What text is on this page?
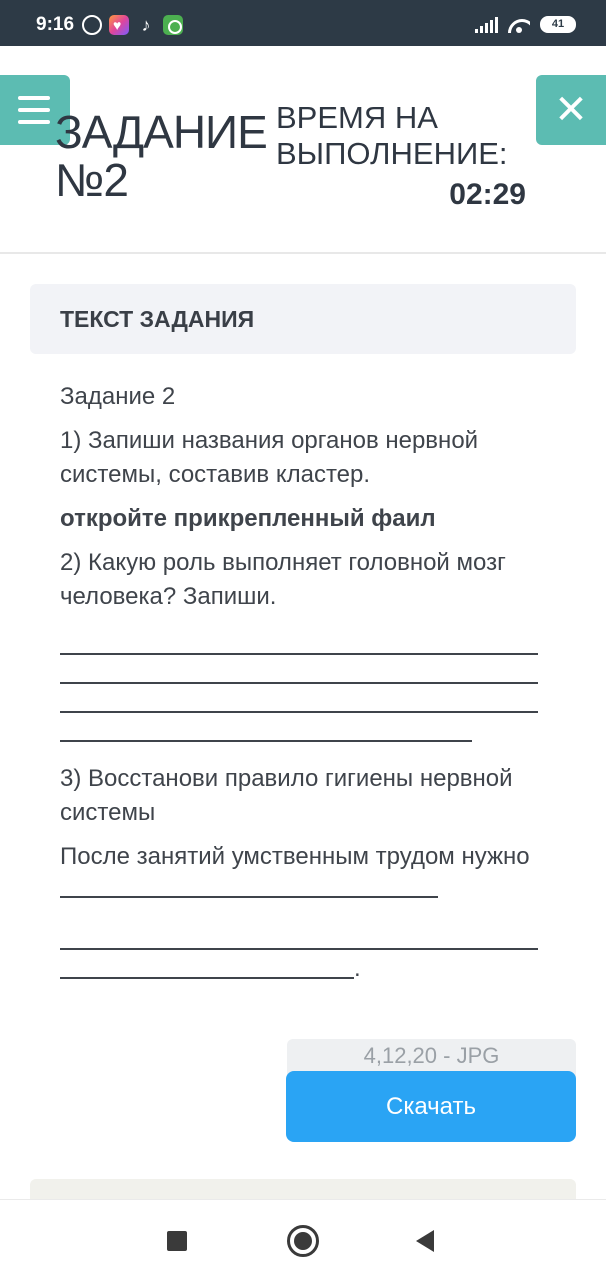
9:16
♥	♪	41
ЗАДАНИЕ
№2
ВРЕМЯ НА
ВЫПОЛНЕНИЕ:
02:29
✕
ТЕКСТ ЗАДАНИЯ

Задание 2

1) Запиши названия органов нервной системы, составив кластер.

откройте прикрепленный фаил

2) Какую роль выполняет головной мозг человека? Запиши.

3) Восстанови правило гигиены нервной системы

После занятий умственным трудом нужно

.
4,12,20 - JPG
Скачать
